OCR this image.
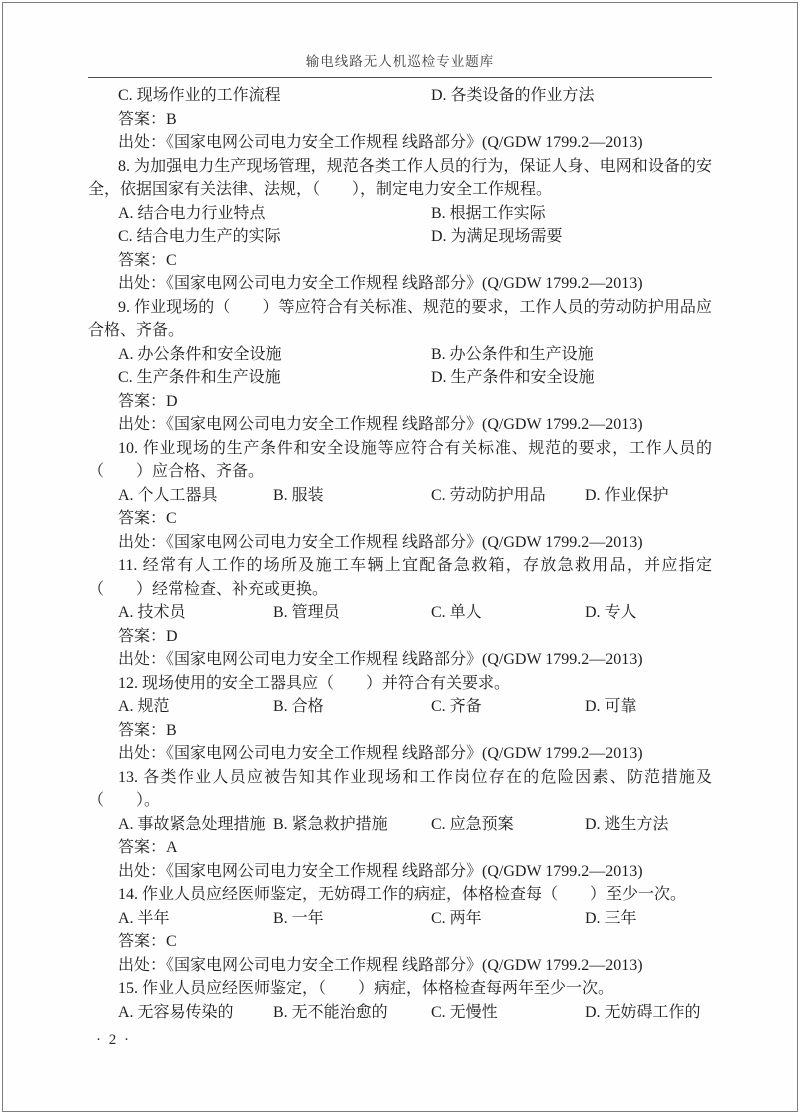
输电线路无人机巡检专业题库
C. 现场作业的工作流程	D. 各类设备的作业方法

答案：B

出处：《国家电网公司电力安全工作规程 线路部分》(Q/GDW 1799.2—2013)

8. 为加强电力生产现场管理，规范各类工作人员的行为，保证人身、电网和设备的安全，依据国家有关法律、法规，（　　），制定电力安全工作规程。

A. 结合电力行业特点	B. 根据工作实际
C. 结合电力生产的实际	D. 为满足现场需要

答案：C

出处：《国家电网公司电力安全工作规程 线路部分》(Q/GDW 1799.2—2013)

9. 作业现场的（　　）等应符合有关标准、规范的要求，工作人员的劳动防护用品应合格、齐备。

A. 办公条件和安全设施	B. 办公条件和生产设施
C. 生产条件和生产设施	D. 生产条件和安全设施

答案：D

出处：《国家电网公司电力安全工作规程 线路部分》(Q/GDW 1799.2—2013)

10. 作业现场的生产条件和安全设施等应符合有关标准、规范的要求，工作人员的（　　）应合格、齐备。

A. 个人工器具	B. 服装	C. 劳动防护用品 D. 作业保护

答案：C

出处：《国家电网公司电力安全工作规程 线路部分》(Q/GDW 1799.2—2013)

11. 经常有人工作的场所及施工车辆上宜配备急救箱，存放急救用品，并应指定（　　）经常检查、补充或更换。

A. 技术员	B. 管理员	C. 单人	D. 专人

答案：D

出处：《国家电网公司电力安全工作规程 线路部分》(Q/GDW 1799.2—2013)

12. 现场使用的安全工器具应（　　）并符合有关要求。

A. 规范	B. 合格	C. 齐备	D. 可靠

答案：B

出处：《国家电网公司电力安全工作规程 线路部分》(Q/GDW 1799.2—2013)

13. 各类作业人员应被告知其作业现场和工作岗位存在的危险因素、防范措施及（　　）。

A. 事故紧急处理措施 B. 紧急救护措施	C. 应急预案	D. 逃生方法

答案：A

出处：《国家电网公司电力安全工作规程 线路部分》(Q/GDW 1799.2—2013)

14. 作业人员应经医师鉴定，无妨碍工作的病症，体格检查每（　　）至少一次。

A. 半年	B. 一年	C. 两年	D. 三年

答案：C

出处：《国家电网公司电力安全工作规程 线路部分》(Q/GDW 1799.2—2013)

15. 作业人员应经医师鉴定，（　　）病症，体格检查每两年至少一次。

A. 无容易传染的 B. 无不能治愈的	C. 无慢性	D. 无妨碍工作的
· 2 ·
